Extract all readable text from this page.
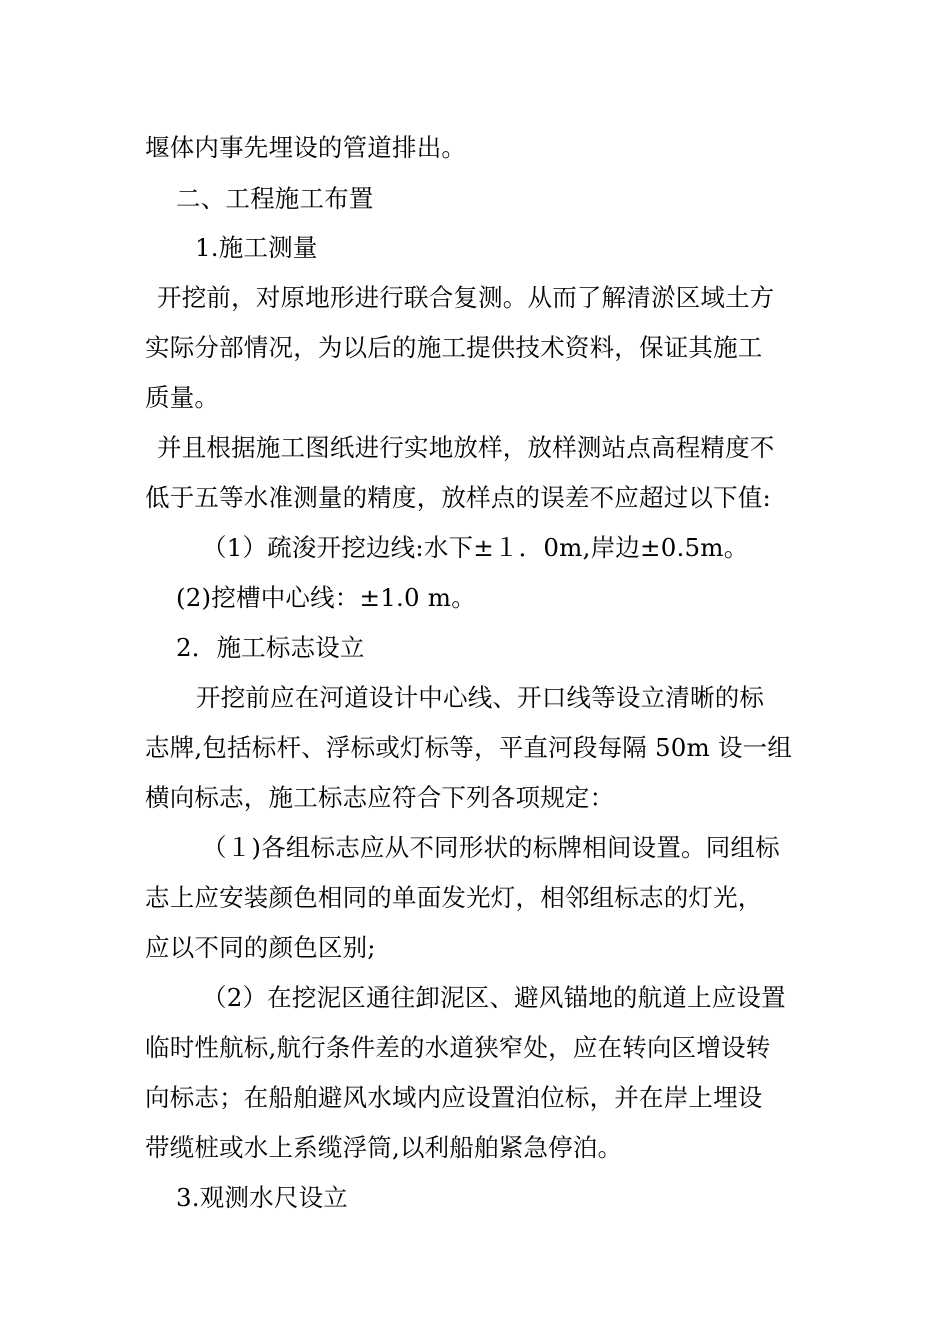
堰体内事先埋设的管道排出。
二、工程施工布置
1.施工测量
开挖前，对原地形进行联合复测。从而了解清淤区域土方
实际分部情况，为以后的施工提供技术资料，保证其施工
质量。
并且根据施工图纸进行实地放样，放样测站点高程精度不
低于五等水准测量的精度，放样点的误差不应超过以下值:
（1）疏浚开挖边线:水下±１．0m,岸边±0.5m。
(2)挖槽中心线：±1.0 m。
2．施工标志设立
开挖前应在河道设计中心线、开口线等设立清晰的标
志牌,包括标杆、浮标或灯标等，平直河段每隔 50m 设一组
横向标志，施工标志应符合下列各项规定：
（１)各组标志应从不同形状的标牌相间设置。同组标
志上应安装颜色相同的单面发光灯，相邻组标志的灯光，
应以不同的颜色区别;
（2）在挖泥区通往卸泥区、避风锚地的航道上应设置
临时性航标,航行条件差的水道狭窄处，应在转向区增设转
向标志；在船舶避风水域内应设置泊位标，并在岸上埋设
带缆桩或水上系缆浮筒,以利船舶紧急停泊。
3.观测水尺设立
